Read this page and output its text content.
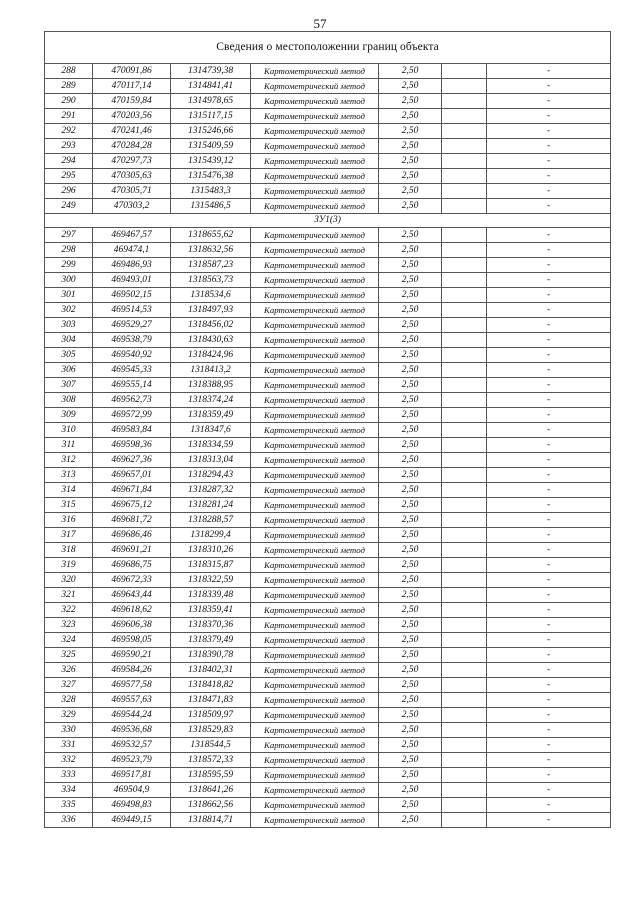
57
Сведения о местоположении границ объекта						
288	470091,86	1314739,38	Картометрический метод	2,50		-
289	470117,14	1314841,41	Картометрический метод	2,50		-
290	470159,84	1314978,65	Картометрический метод	2,50		-
291	470203,56	1315117,15	Картометрический метод	2,50		-
292	470241,46	1315246,66	Картометрический метод	2,50		-
293	470284,28	1315409,59	Картометрический метод	2,50		-
294	470297,73	1315439,12	Картометрический метод	2,50		-
295	470305,63	1315476,38	Картометрический метод	2,50		-
296	470305,71	1315483,3	Картометрический метод	2,50		-
249	470303,2	1315486,5	Картометрический метод	2,50		-
ЗУ1(3)						
297	469467,57	1318655,62	Картометрический метод	2,50		-
298	469474,1	1318632,56	Картометрический метод	2,50		-
299	469486,93	1318587,23	Картометрический метод	2,50		-
300	469493,01	1318563,73	Картометрический метод	2,50		-
301	469502,15	1318534,6	Картометрический метод	2,50		-
302	469514,53	1318497,93	Картометрический метод	2,50		-
303	469529,27	1318456,02	Картометрический метод	2,50		-
304	469538,79	1318430,63	Картометрический метод	2,50		-
305	469540,92	1318424,96	Картометрический метод	2,50		-
306	469545,33	1318413,2	Картометрический метод	2,50		-
307	469555,14	1318388,95	Картометрический метод	2,50		-
308	469562,73	1318374,24	Картометрический метод	2,50		-
309	469572,99	1318359,49	Картометрический метод	2,50		-
310	469583,84	1318347,6	Картометрический метод	2,50		-
311	469598,36	1318334,59	Картометрический метод	2,50		-
312	469627,36	1318313,04	Картометрический метод	2,50		-
313	469657,01	1318294,43	Картометрический метод	2,50		-
314	469671,84	1318287,32	Картометрический метод	2,50		-
315	469675,12	1318281,24	Картометрический метод	2,50		-
316	469681,72	1318288,57	Картометрический метод	2,50		-
317	469686,46	1318299,4	Картометрический метод	2,50		-
318	469691,21	1318310,26	Картометрический метод	2,50		-
319	469686,75	1318315,87	Картометрический метод	2,50		-
320	469672,33	1318322,59	Картометрический метод	2,50		-
321	469643,44	1318339,48	Картометрический метод	2,50		-
322	469618,62	1318359,41	Картометрический метод	2,50		-
323	469606,38	1318370,36	Картометрический метод	2,50		-
324	469598,05	1318379,49	Картометрический метод	2,50		-
325	469590,21	1318390,78	Картометрический метод	2,50		-
326	469584,26	1318402,31	Картометрический метод	2,50		-
327	469577,58	1318418,82	Картометрический метод	2,50		-
328	469557,63	1318471,83	Картометрический метод	2,50		-
329	469544,24	1318509,97	Картометрический метод	2,50		-
330	469536,68	1318529,83	Картометрический метод	2,50		-
331	469532,57	1318544,5	Картометрический метод	2,50		-
332	469523,79	1318572,33	Картометрический метод	2,50		-
333	469517,81	1318595,59	Картометрический метод	2,50		-
334	469504,9	1318641,26	Картометрический метод	2,50		-
335	469498,83	1318662,56	Картометрический метод	2,50		-
336	469449,15	1318814,71	Картометрический метод	2,50		-
